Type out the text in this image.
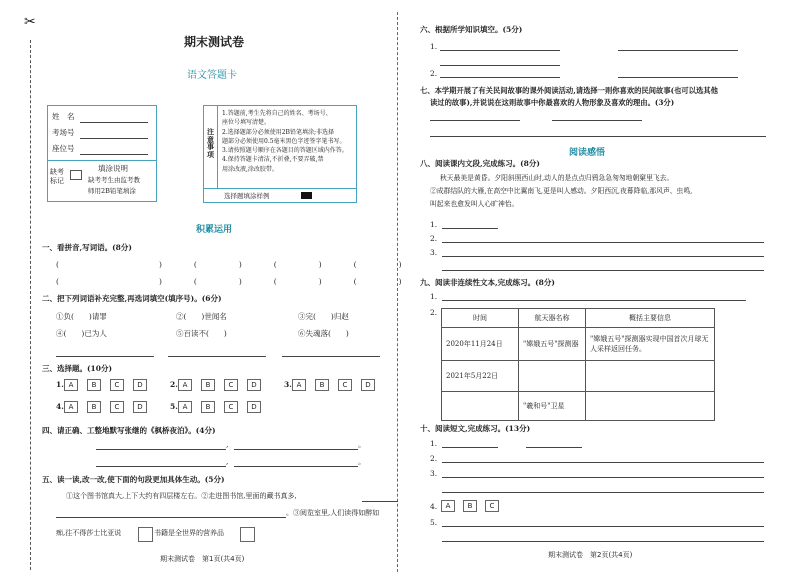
✂
期末测试卷
语文答题卡
姓　名
考场号
座位号
缺考标记
填涂说明
缺考考生由监考教
师用2B铅笔填涂
注意事项
1.答题前,考生先将自己的姓名、考场号、
座位号填写清楚。
2.选择题部分必须使用2B铅笔填涂;非选择
题部分必须使用0.5毫米黑色字迹签字笔书写。
3.请按照题号顺序在各题目的答题区域内作答。
4.保持答题卡清洁,不折叠,不要弄破,禁
用涂改液,涂改胶带。
选择题填涂样例
积累运用
一、看拼音,写词语。(8分)
(	)	(	)	(	)	(	)
(	)	(	)	(	)	(	)
二、把下列词语补充完整,再选词填空(填序号)。(6分)
①负(　　)请罪	②(　　)世闻名	③完(　　)归赵
④(　　)已为人	⑤百读不(　　)	⑥失魂落(　　)
三、选择题。(10分)
1. A	B	C	D	2. A	B	C	D	3. A	B	C	D
4. A	B	C	D	5. A	B	C	D
四、请正确、工整地默写张继的《枫桥夜泊》。(4分)
,	。
,	。
五、读一读,改一改,使下面的句段更加具体生动。(5分)
①这个图书馆真大,上下大约有四层楼左右。②走进图书馆,里面的藏书真多,
。③阅览室里,人们读得如醉如
痴,往不得莎士比亚说	书籍是全世界的营养品
期末测试卷　第1页(共4页)
六、根据所学知识填空。(5分)
1.
2.
七、本学期开展了有关民间故事的课外阅读活动,请选择一则你喜欢的民间故事(也可以选其他
读过的故事),并说说在这则故事中你最喜欢的人物形象及喜欢的理由。(3分)
阅读感悟
八、阅读课内文段,完成练习。(8分)
秋天最美是黄昏。夕阳斜照西山时,动人的是点点归鸦急急匆匆地朝窠里飞去。
②成群结队的大雁,在高空中比翼南飞,更是叫人感动。夕阳西沉,夜幕降临,那风声、虫鸣,
叫起来也愈发叫人心旷神怡。
1.
2.
3.
九、阅读非连续性文本,完成练习。(8分)
1.
2.
时间	航天器名称	概括主要信息
2020年11月24日	"嫦娥五号"探测器	"嫦娥五号"探测器实现中国首次月球无人采样返回任务。
2021年5月22日		
	"羲和号"卫星	
十、阅读短文,完成练习。(13分)
1.
2.
3.
4.	A	B	C
5.
期末测试卷　第2页(共4页)
